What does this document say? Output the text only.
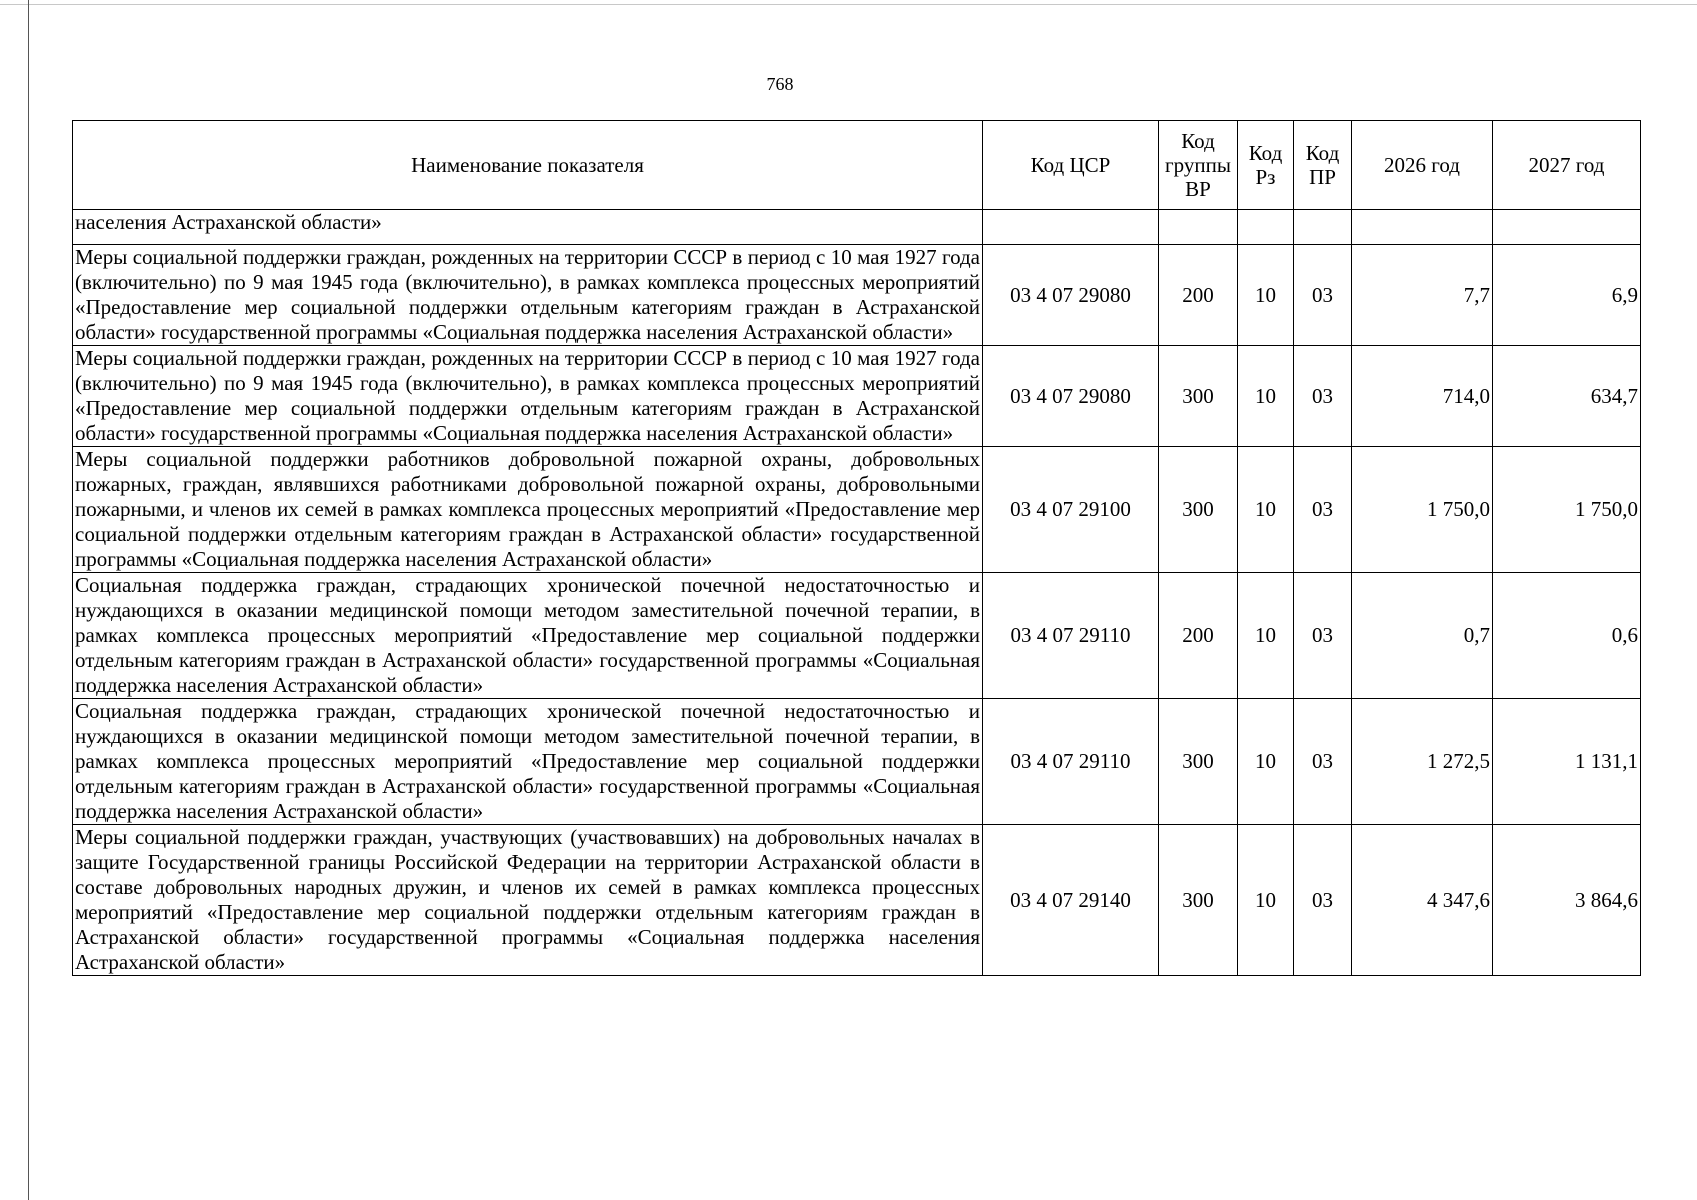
768
Наименование показателя	Код ЦСР	Код группы ВР	Код Рз	Код ПР	2026 год	2027 год
населения Астраханской области»						
Меры социальной поддержки граждан, рожденных на территории СССР в период с 10 мая 1927 года (включительно) по 9 мая 1945 года (включительно), в рамках комплекса процессных мероприятий «Предоставление мер социальной поддержки отдельным категориям граждан в Астраханской области» государственной программы «Социальная поддержка населения Астраханской области»	03 4 07 29080	200	10	03	7,7	6,9
Меры социальной поддержки граждан, рожденных на территории СССР в период с 10 мая 1927 года (включительно) по 9 мая 1945 года (включительно), в рамках комплекса процессных мероприятий «Предоставление мер социальной поддержки отдельным категориям граждан в Астраханской области» государственной программы «Социальная поддержка населения Астраханской области»	03 4 07 29080	300	10	03	714,0	634,7
Меры социальной поддержки работников добровольной пожарной охраны, добровольных пожарных, граждан, являвшихся работниками добровольной пожарной охраны, добровольными пожарными, и членов их семей в рамках комплекса процессных мероприятий «Предоставление мер социальной поддержки отдельным категориям граждан в Астраханской области» государственной программы «Социальная поддержка населения Астраханской области»	03 4 07 29100	300	10	03	1 750,0	1 750,0
Социальная поддержка граждан, страдающих хронической почечной недостаточностью и нуждающихся в оказании медицинской помощи методом заместительной почечной терапии, в рамках комплекса процессных мероприятий «Предоставление мер социальной поддержки отдельным категориям граждан в Астраханской области» государственной программы «Социальная поддержка населения Астраханской области»	03 4 07 29110	200	10	03	0,7	0,6
Социальная поддержка граждан, страдающих хронической почечной недостаточностью и нуждающихся в оказании медицинской помощи методом заместительной почечной терапии, в рамках комплекса процессных мероприятий «Предоставление мер социальной поддержки отдельным категориям граждан в Астраханской области» государственной программы «Социальная поддержка населения Астраханской области»	03 4 07 29110	300	10	03	1 272,5	1 131,1
Меры социальной поддержки граждан, участвующих (участвовавших) на добровольных началах в защите Государственной границы Российской Федерации на территории Астраханской области в составе добровольных народных дружин, и членов их семей в рамках комплекса процессных мероприятий «Предоставление мер социальной поддержки отдельным категориям граждан в Астраханской области» государственной программы «Социальная поддержка населения Астраханской области»	03 4 07 29140	300	10	03	4 347,6	3 864,6
